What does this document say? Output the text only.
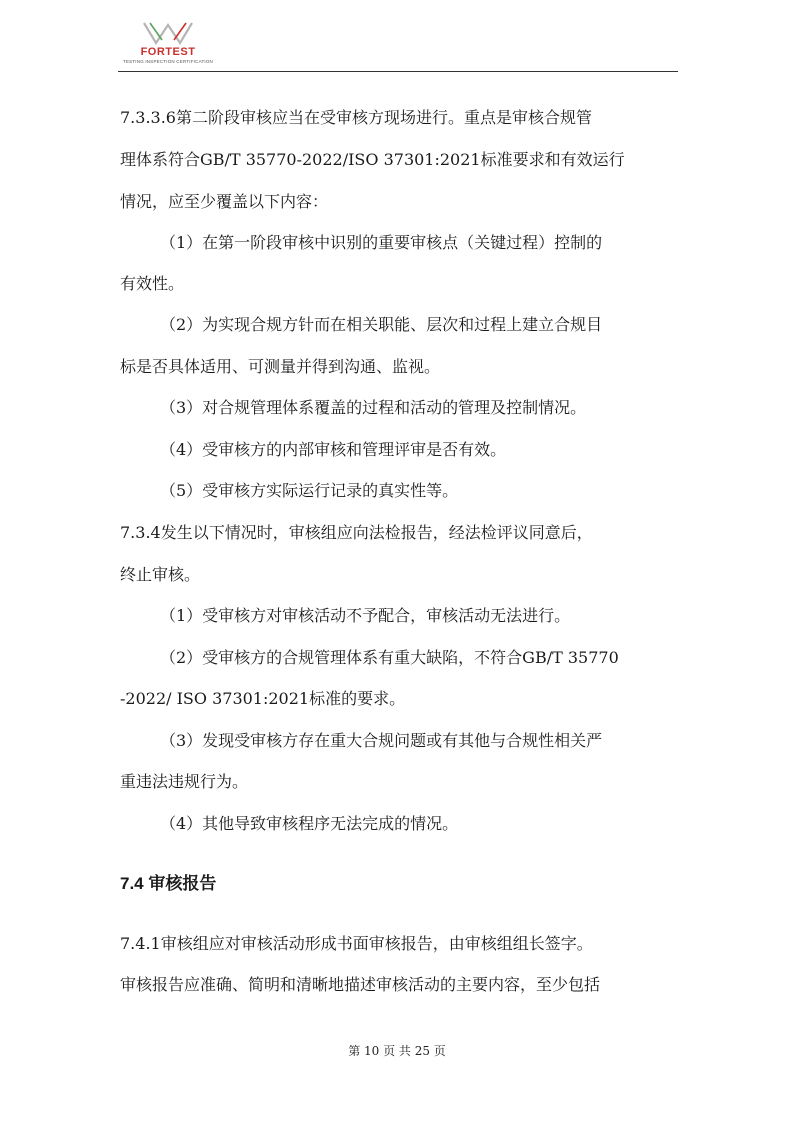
FORTEST
TESTING INSPECTION CERTIFICATION
7.3.3.6第二阶段审核应当在受审核方现场进行。重点是审核合规管
理体系符合GB/T 35770-2022/ISO 37301:2021标准要求和有效运行
情况，应至少覆盖以下内容：
（1）在第一阶段审核中识别的重要审核点（关键过程）控制的
有效性。
（2）为实现合规方针而在相关职能、层次和过程上建立合规目
标是否具体适用、可测量并得到沟通、监视。
（3）对合规管理体系覆盖的过程和活动的管理及控制情况。
（4）受审核方的内部审核和管理评审是否有效。
（5）受审核方实际运行记录的真实性等。
7.3.4发生以下情况时，审核组应向法检报告，经法检评议同意后，
终止审核。
（1）受审核方对审核活动不予配合，审核活动无法进行。
（2）受审核方的合规管理体系有重大缺陷，不符合GB/T 35770
-2022/ ISO 37301:2021标准的要求。
（3）发现受审核方存在重大合规问题或有其他与合规性相关严
重违法违规行为。
（4）其他导致审核程序无法完成的情况。
7.4 审核报告
7.4.1审核组应对审核活动形成书面审核报告，由审核组组长签字。
审核报告应准确、简明和清晰地描述审核活动的主要内容，至少包括
第 10 页 共 25 页
